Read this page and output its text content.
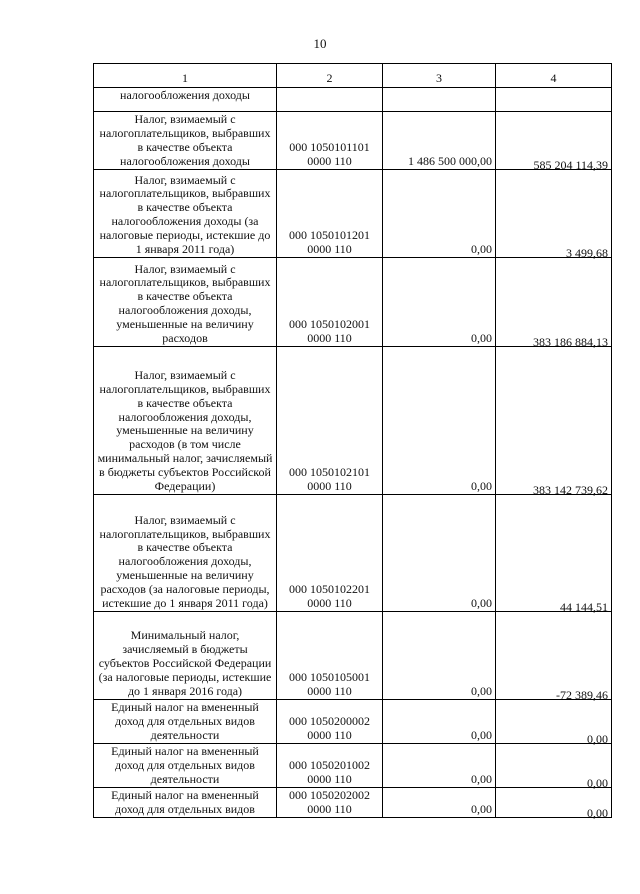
10
1	2	3	4
налогообложения доходы			
Налог, взимаемый с налогоплательщиков, выбравших в качестве объекта налогообложения доходы	000 1050101101 0000 110	1 486 500 000,00	585 204 114,39
Налог, взимаемый с налогоплательщиков, выбравших в качестве объекта налогообложения доходы (за налоговые периоды, истекшие до 1 января 2011 года)	000 1050101201 0000 110	0,00	3 499,68
Налог, взимаемый с налогоплательщиков, выбравших в качестве объекта налогообложения доходы, уменьшенные на величину расходов	000 1050102001 0000 110	0,00	383 186 884,13
Налог, взимаемый с налогоплательщиков, выбравших в качестве объекта налогообложения доходы, уменьшенные на величину расходов (в том числе минимальный налог, зачисляемый в бюджеты субъектов Российской Федерации)	000 1050102101 0000 110	0,00	383 142 739,62
Налог, взимаемый с налогоплательщиков, выбравших в качестве объекта налогообложения доходы, уменьшенные на величину расходов (за налоговые периоды, истекшие до 1 января 2011 года)	000 1050102201 0000 110	0,00	44 144,51
Минимальный налог, зачисляемый в бюджеты субъектов Российской Федерации (за налоговые периоды, истекшие до 1 января 2016 года)	000 1050105001 0000 110	0,00	-72 389,46
Единый налог на вмененный доход для отдельных видов деятельности	000 1050200002 0000 110	0,00	0,00
Единый налог на вмененный доход для отдельных видов деятельности	000 1050201002 0000 110	0,00	0,00
Единый налог на вмененный доход для отдельных видов	000 1050202002 0000 110	0,00	0,00
